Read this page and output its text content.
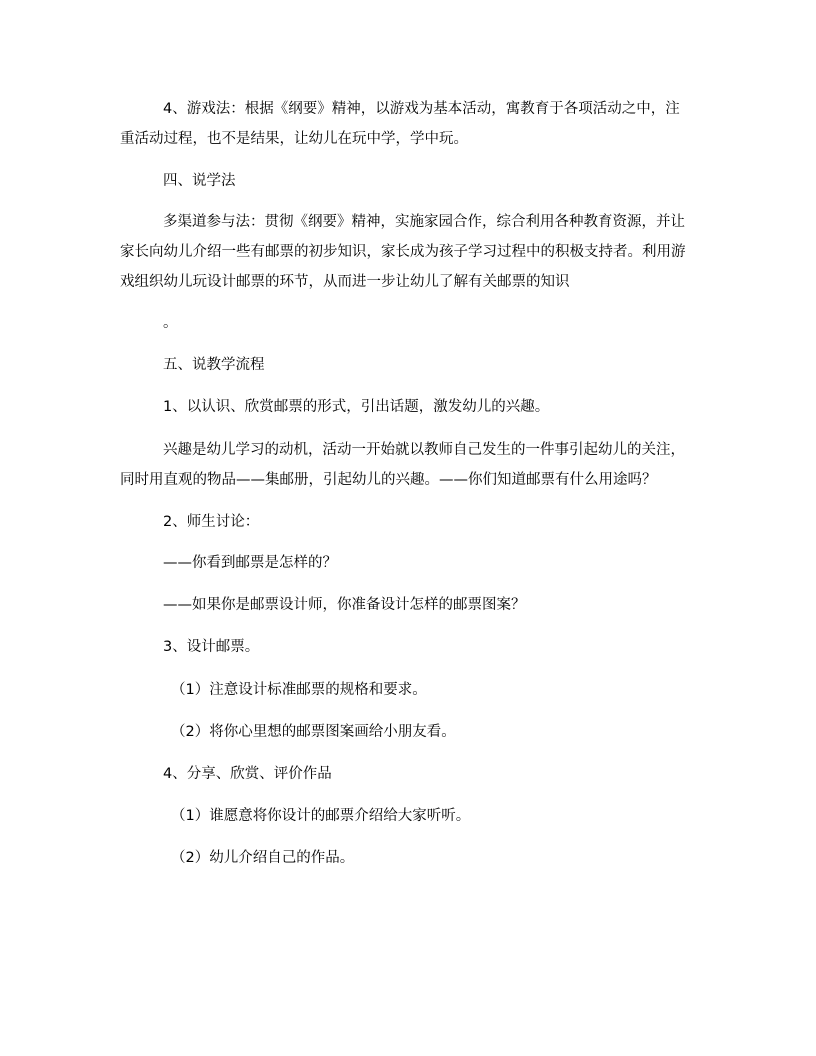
4、游戏法：根据《纲要》精神，以游戏为基本活动，寓教育于各项活动之中，注
重活动过程，也不是结果，让幼儿在玩中学，学中玩。

四、说学法

多渠道参与法：贯彻《纲要》精神，实施家园合作，综合利用各种教育资源，并让
家长向幼儿介绍一些有邮票的初步知识，家长成为孩子学习过程中的积极支持者。利用游
戏组织幼儿玩设计邮票的环节，从而进一步让幼儿了解有关邮票的知识

。

五、说教学流程

1、以认识、欣赏邮票的形式，引出话题，激发幼儿的兴趣。

兴趣是幼儿学习的动机，活动一开始就以教师自己发生的一件事引起幼儿的关注，
同时用直观的物品——集邮册，引起幼儿的兴趣。——你们知道邮票有什么用途吗？

2、师生讨论：

——你看到邮票是怎样的？

——如果你是邮票设计师，你准备设计怎样的邮票图案？

3、设计邮票。

（1）注意设计标准邮票的规格和要求。

（2）将你心里想的邮票图案画给小朋友看。

4、分享、欣赏、评价作品

（1）谁愿意将你设计的邮票介绍给大家听听。

（2）幼儿介绍自己的作品。
